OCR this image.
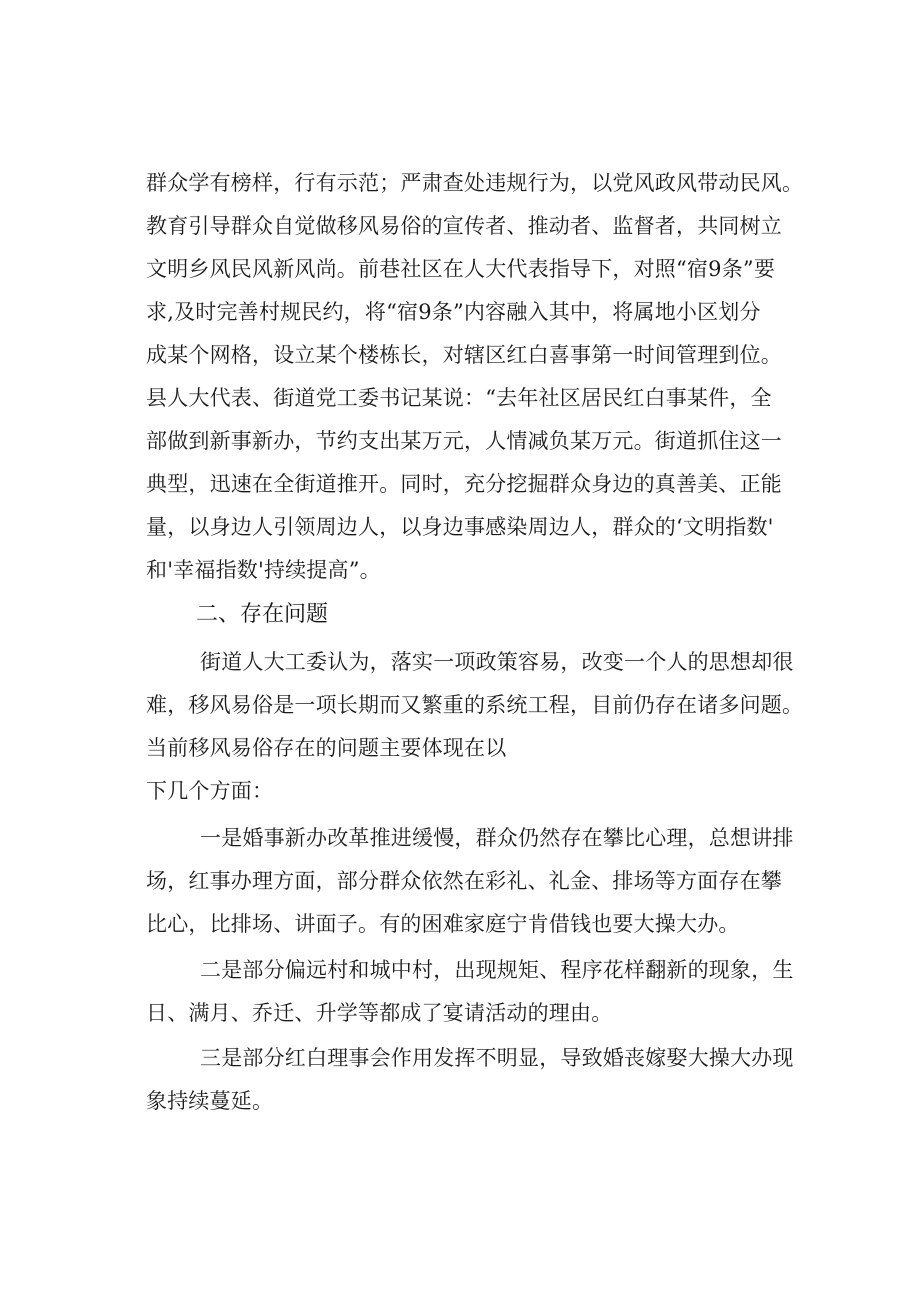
群众学有榜样，行有示范；严肃查处违规行为，以党风政风带动民风。
教育引导群众自觉做移风易俗的宣传者、推动者、监督者，共同树立
文明乡风民风新风尚。前巷社区在人大代表指导下，对照“宿9条”要
求,及时完善村规民约，将“宿9条”内容融入其中，将属地小区划分
成某个网格，设立某个楼栋长，对辖区红白喜事第一时间管理到位。
县人大代表、街道党工委书记某说：“去年社区居民红白事某件，全
部做到新事新办，节约支出某万元，人情减负某万元。街道抓住这一
典型，迅速在全街道推开。同时，充分挖掘群众身边的真善美、正能
量，以身边人引领周边人，以身边事感染周边人，群众的‘文明指数'
和'幸福指数'持续提高”。
二、存在问题
街道人大工委认为，落实一项政策容易，改变一个人的思想却很
难，移风易俗是一项长期而又繁重的系统工程，目前仍存在诸多问题。
当前移风易俗存在的问题主要体现在以
下几个方面：
一是婚事新办改革推进缓慢，群众仍然存在攀比心理，总想讲排
场，红事办理方面，部分群众依然在彩礼、礼金、排场等方面存在攀
比心，比排场、讲面子。有的困难家庭宁肯借钱也要大操大办。
二是部分偏远村和城中村，出现规矩、程序花样翻新的现象，生
日、满月、乔迁、升学等都成了宴请活动的理由。
三是部分红白理事会作用发挥不明显，导致婚丧嫁娶大操大办现
象持续蔓延。
